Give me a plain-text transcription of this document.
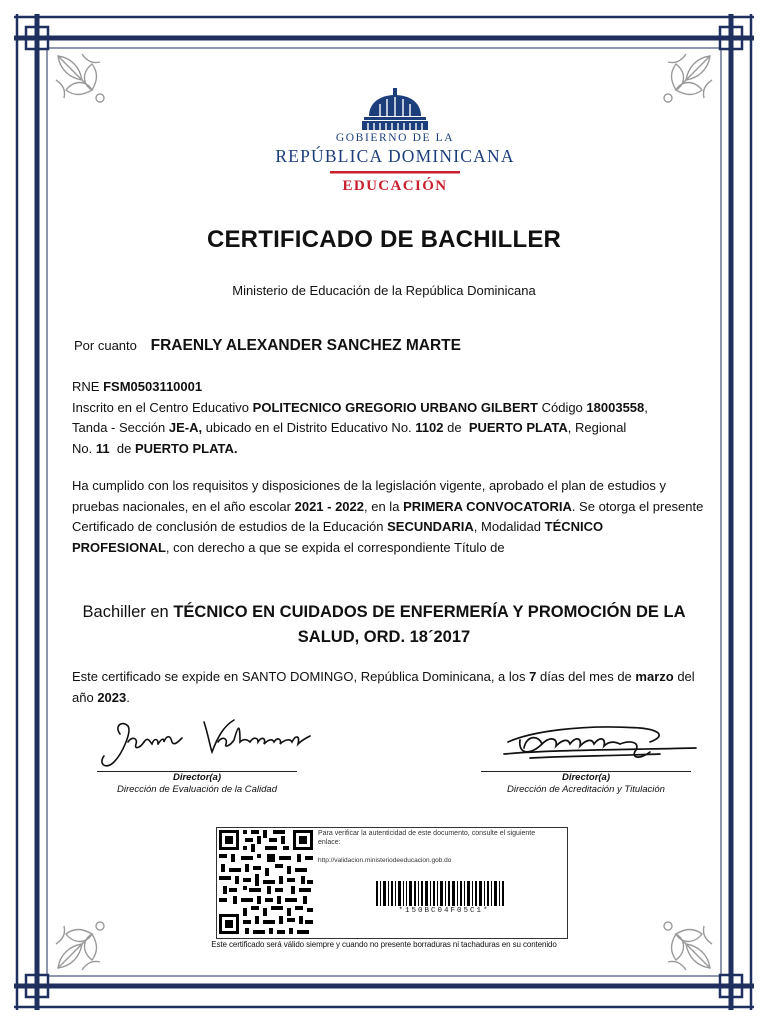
GOBIERNO DE LA
REPÚBLICA DOMINICANA
EDUCACIÓN
CERTIFICADO DE BACHILLER
Ministerio de Educación de la República Dominicana
Por cuanto FRAENLY ALEXANDER SANCHEZ MARTE
RNE FSM0503110001
Inscrito en el Centro Educativo POLITECNICO GREGORIO URBANO GILBERT Código 18003558,
Tanda - Sección JE-A, ubicado en el Distrito Educativo No. 1102 de PUERTO PLATA, Regional
No. 11 de PUERTO PLATA.
Ha cumplido con los requisitos y disposiciones de la legislación vigente, aprobado el plan de estudios y pruebas nacionales, en el año escolar 2021 - 2022, en la PRIMERA CONVOCATORIA. Se otorga el presente Certificado de conclusión de estudios de la Educación SECUNDARIA, Modalidad TÉCNICO PROFESIONAL, con derecho a que se expida el correspondiente Título de
Bachiller en TÉCNICO EN CUIDADOS DE ENFERMERÍA Y PROMOCIÓN DE LA SALUD, ORD. 18´2017
Este certificado se expide en SANTO DOMINGO, República Dominicana, a los 7 días del mes de marzo del año 2023.
Director(a)
Dirección de Evaluación de la Calidad
Director(a)
Dirección de Acreditación y Titulación
Para verificar la autenticidad de este documento, consulte el siguiente enlace:
http://validacion.ministeriodeeducacion.gob.do
*150BC04F05C1*
Este certificado será válido siempre y cuando no presente borraduras ni tachaduras en su contenido
